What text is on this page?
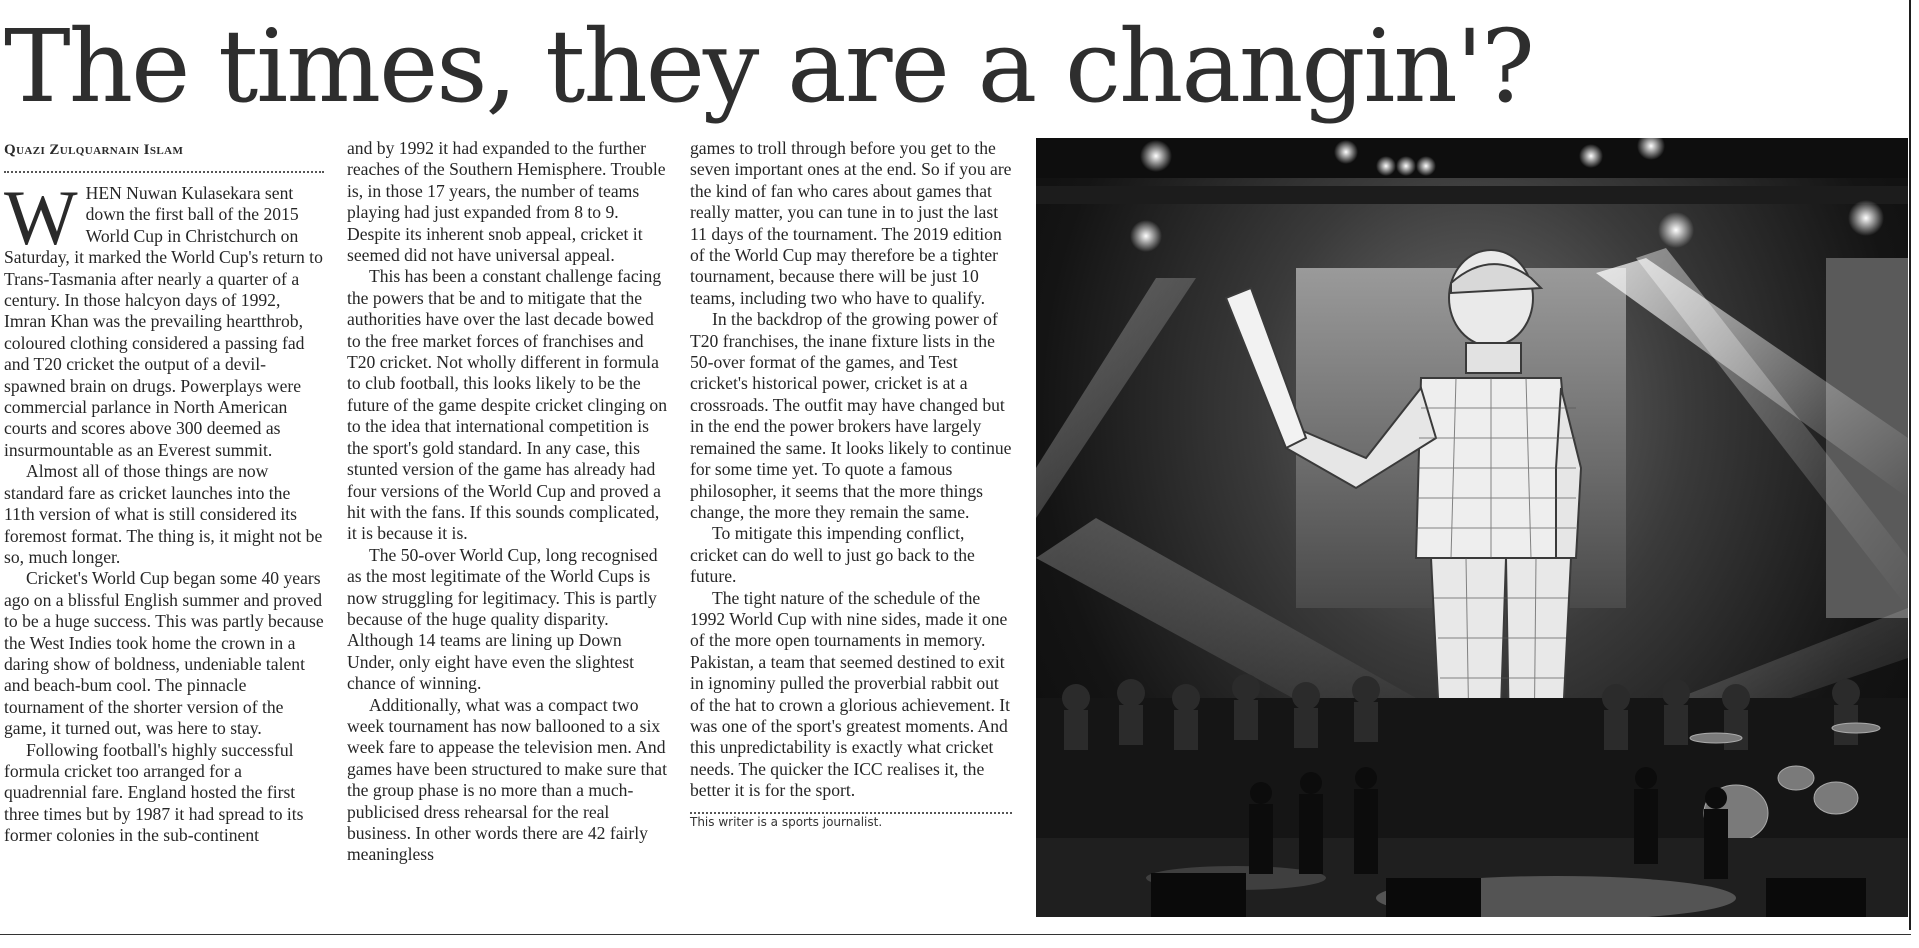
The times, they are a changin'?
Quazi Zulquarnain Islam
W HEN Nuwan Kulasekara sent down the first ball of the 2015 World Cup in Christchurch on Saturday, it marked the World Cup's return to Trans-Tasmania after nearly a quarter of a century. In those halcyon days of 1992, Imran Khan was the prevailing heartthrob, coloured clothing considered a passing fad and T20 cricket the output of a devil-spawned brain on drugs. Powerplays were commercial parlance in North American courts and scores above 300 deemed as insurmountable as an Everest summit.

Almost all of those things are now standard fare as cricket launches into the 11th version of what is still considered its foremost format. The thing is, it might not be so, much longer.

Cricket's World Cup began some 40 years ago on a blissful English summer and proved to be a huge success. This was partly because the West Indies took home the crown in a daring show of boldness, undeniable talent and beach-bum cool. The pinnacle tournament of the shorter version of the game, it turned out, was here to stay.

Following football's highly successful formula cricket too arranged for a quadrennial fare. England hosted the first three times but by 1987 it had spread to its former colonies in the sub-continent

and by 1992 it had expanded to the further reaches of the Southern Hemisphere. Trouble is, in those 17 years, the number of teams playing had just expanded from 8 to 9. Despite its inherent snob appeal, cricket it seemed did not have universal appeal.

This has been a constant challenge facing the powers that be and to mitigate that the authorities have over the last decade bowed to the free market forces of franchises and T20 cricket. Not wholly different in formula to club football, this looks likely to be the future of the game despite cricket clinging on to the idea that international competition is the sport's gold standard. In any case, this stunted version of the game has already had four versions of the World Cup and proved a hit with the fans. If this sounds complicated, it is because it is.

The 50-over World Cup, long recognised as the most legitimate of the World Cups is now struggling for legitimacy. This is partly because of the huge quality disparity. Although 14 teams are lining up Down Under, only eight have even the slightest chance of winning.

Additionally, what was a compact two week tournament has now ballooned to a six week fare to appease the television men. And games have been structured to make sure that the group phase is no more than a much-publicised dress rehearsal for the real business. In other words there are 42 fairly meaningless

games to troll through before you get to the seven important ones at the end. So if you are the kind of fan who cares about games that really matter, you can tune in to just the last 11 days of the tournament. The 2019 edition of the World Cup may therefore be a tighter tournament, because there will be just 10 teams, including two who have to qualify.

In the backdrop of the growing power of T20 franchises, the inane fixture lists in the 50-over format of the games, and Test cricket's historical power, cricket is at a crossroads. The outfit may have changed but in the end the power brokers have largely remained the same. It looks likely to continue for some time yet. To quote a famous philosopher, it seems that the more things change, the more they remain the same.

To mitigate this impending conflict, cricket can do well to just go back to the future.

The tight nature of the schedule of the 1992 World Cup with nine sides, made it one of the more open tournaments in memory. Pakistan, a team that seemed destined to exit in ignominy pulled the proverbial rabbit out of the hat to crown a glorious achievement. It was one of the sport's greatest moments. And this unpredictability is exactly what cricket needs. The quicker the ICC realises it, the better it is for the sport.

This writer is a sports journalist.
